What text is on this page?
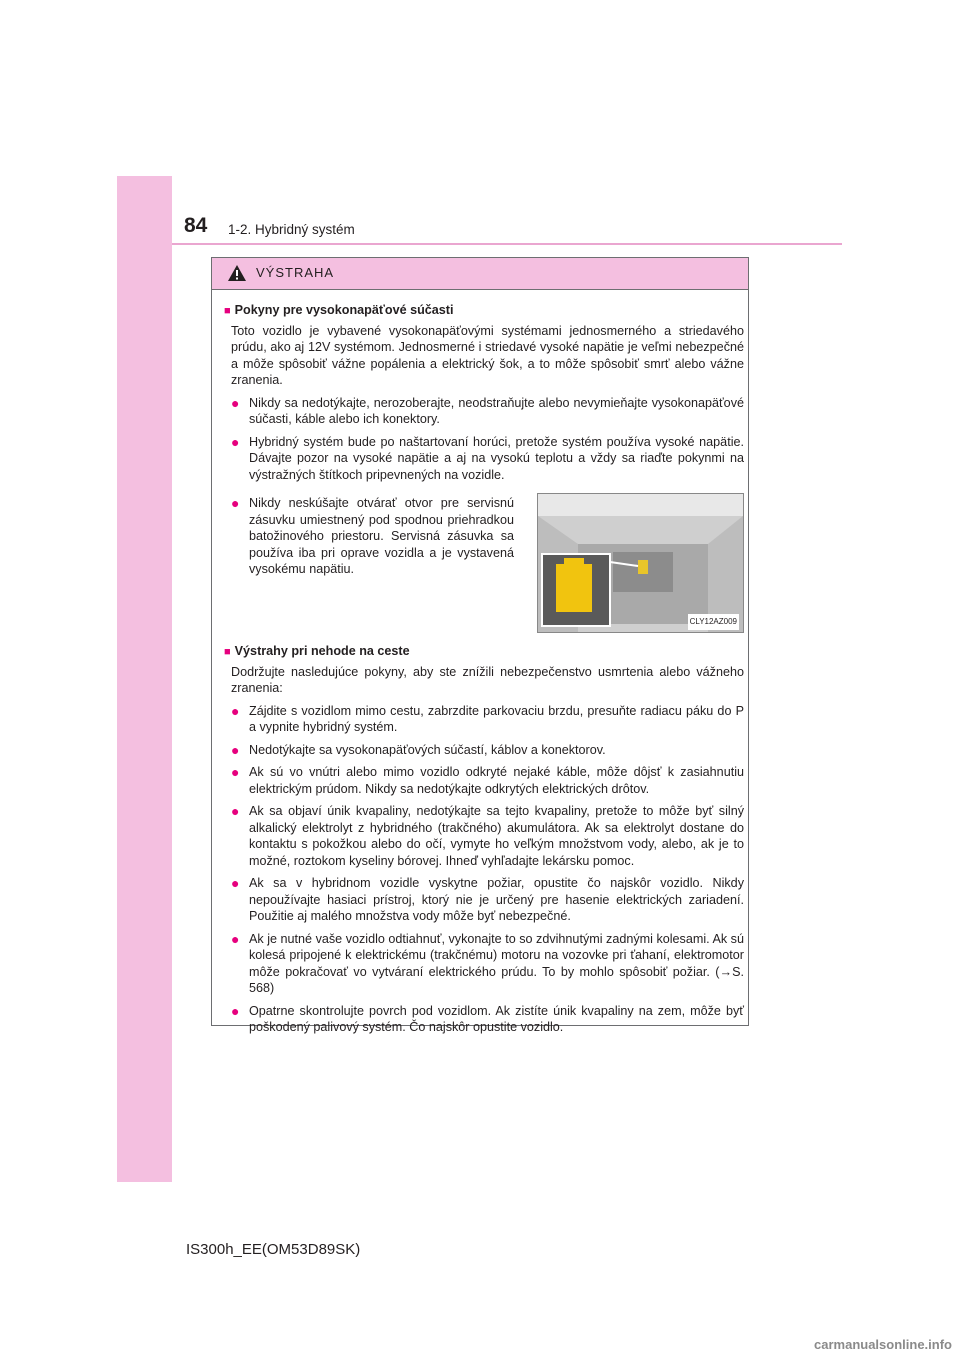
84 1-2. Hybridný systém
VÝSTRAHA

■ Pokyny pre vysokonapäťové súčasti

Toto vozidlo je vybavené vysokonapäťovými systémami jednosmerného a striedavého prúdu, ako aj 12V systémom. Jednosmerné i striedavé vysoké napätie je veľmi nebezpečné a môže spôsobiť vážne popálenia a elektrický šok, a to môže spôsobiť smrť alebo vážne zranenia.

● Nikdy sa nedotýkajte, nerozoberajte, neodstraňujte alebo nevymieňajte vysokonapäťové súčasti, káble alebo ich konektory.
● Hybridný systém bude po naštartovaní horúci, pretože systém používa vysoké napätie. Dávajte pozor na vysoké napätie a aj na vysokú teplotu a vždy sa riaďte pokynmi na výstražných štítkoch pripevnených na vozidle.
● Nikdy neskúšajte otvárať otvor pre servisnú zásuvku umiestnený pod spodnou priehradkou batožinového priestoru. Servisná zásuvka sa používa iba pri oprave vozidla a je vystavená vysokému napätiu.
CLY12AZ009

■ Výstrahy pri nehode na ceste

Dodržujte nasledujúce pokyny, aby ste znížili nebezpečenstvo usmrtenia alebo vážneho zranenia:

● Zájdite s vozidlom mimo cestu, zabrzdite parkovaciu brzdu, presuňte radiacu páku do P a vypnite hybridný systém.
● Nedotýkajte sa vysokonapäťových súčastí, káblov a konektorov.
● Ak sú vo vnútri alebo mimo vozidlo odkryté nejaké káble, môže dôjsť k zasiahnutiu elektrickým prúdom. Nikdy sa nedotýkajte odkrytých elektrických drôtov.
● Ak sa objaví únik kvapaliny, nedotýkajte sa tejto kvapaliny, pretože to môže byť silný alkalický elektrolyt z hybridného (trakčného) akumulátora. Ak sa elektrolyt dostane do kontaktu s pokožkou alebo do očí, vymyte ho veľkým množstvom vody, alebo, ak je to možné, roztokom kyseliny bórovej. Ihneď vyhľadajte lekársku pomoc.
● Ak sa v hybridnom vozidle vyskytne požiar, opustite čo najskôr vozidlo. Nikdy nepoužívajte hasiaci prístroj, ktorý nie je určený pre hasenie elektrických zariadení. Použitie aj malého množstva vody môže byť nebezpečné.
● Ak je nutné vaše vozidlo odtiahnuť, vykonajte to so zdvihnutými zadnými kolesami. Ak sú kolesá pripojené k elektrickému (trakčnému) motoru na vozovke pri ťahaní, elektromotor môže pokračovať vo vytváraní elektrického prúdu. To by mohlo spôsobiť požiar. (→S. 568)
● Opatrne skontrolujte povrch pod vozidlom. Ak zistíte únik kvapaliny na zem, môže byť poškodený palivový systém. Čo najskôr opustite vozidlo.
IS300h_EE(OM53D89SK)
carmanualsonline.info
